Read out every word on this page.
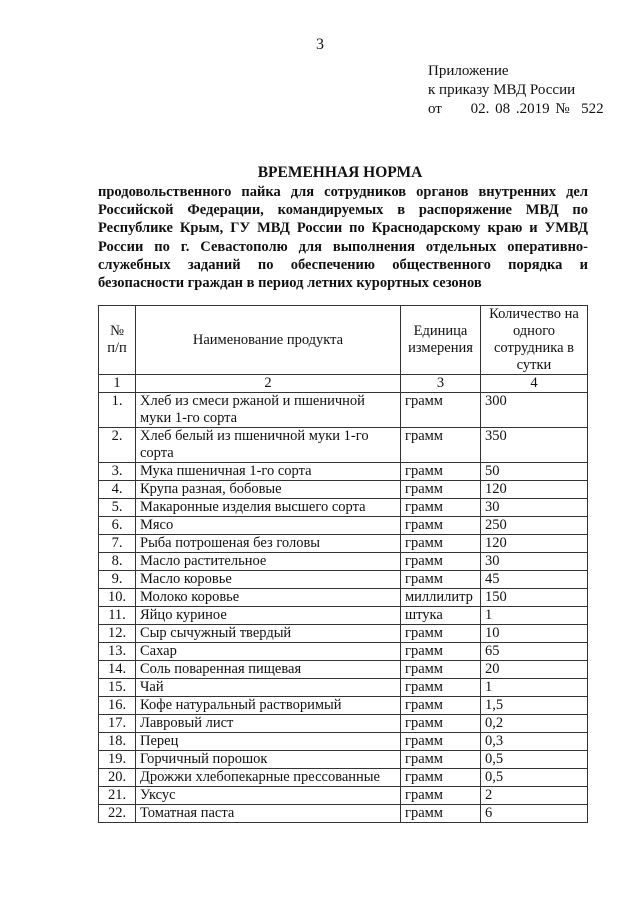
3
Приложение
к приказу МВД России
от     02. 08 .2019 №  522
ВРЕМЕННАЯ НОРМА
продовольственного пайка для сотрудников органов внутренних дел Российской Федерации, командируемых в распоряжение МВД по Республике Крым, ГУ МВД России по Краснодарскому краю и УМВД России по г. Севастополю для выполнения отдельных оперативно-служебных заданий по обеспечению общественного порядка и безопасности граждан в период летних курортных сезонов
№ п/п	Наименование продукта	Единица измерения	Количество на одного сотрудника в сутки
1	2	3	4
1.	Хлеб из смеси ржаной и пшеничной муки 1-го сорта	грамм	300
2.	Хлеб белый из пшеничной муки 1-го сорта	грамм	350
3.	Мука пшеничная 1-го сорта	грамм	50
4.	Крупа разная, бобовые	грамм	120
5.	Макаронные изделия высшего сорта	грамм	30
6.	Мясо	грамм	250
7.	Рыба потрошеная без головы	грамм	120
8.	Масло растительное	грамм	30
9.	Масло коровье	грамм	45
10.	Молоко коровье	миллилитр	150
11.	Яйцо куриное	штука	1
12.	Сыр сычужный твердый	грамм	10
13.	Сахар	грамм	65
14.	Соль поваренная пищевая	грамм	20
15.	Чай	грамм	1
16.	Кофе натуральный растворимый	грамм	1,5
17.	Лавровый лист	грамм	0,2
18.	Перец	грамм	0,3
19.	Горчичный порошок	грамм	0,5
20.	Дрожжи хлебопекарные прессованные	грамм	0,5
21.	Уксус	грамм	2
22.	Томатная паста	грамм	6
